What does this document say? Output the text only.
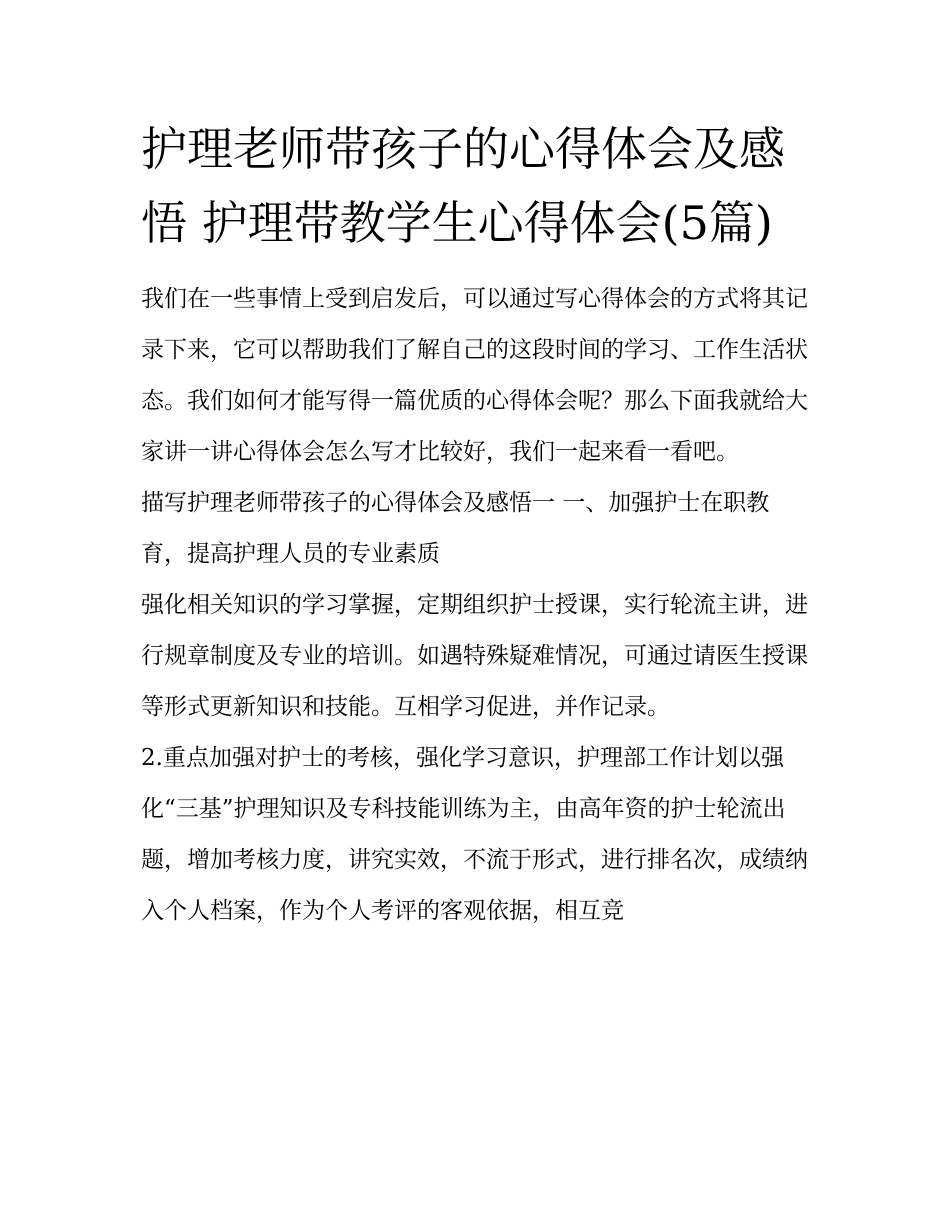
护理老师带孩子的心得体会及感悟 护理带教学生心得体会(5篇)

我们在一些事情上受到启发后，可以通过写心得体会的方式将其记录下来，它可以帮助我们了解自己的这段时间的学习、工作生活状态。我们如何才能写得一篇优质的心得体会呢？那么下面我就给大家讲一讲心得体会怎么写才比较好，我们一起来看一看吧。

描写护理老师带孩子的心得体会及感悟一 一、加强护士在职教育，提高护理人员的专业素质

强化相关知识的学习掌握，定期组织护士授课，实行轮流主讲，进行规章制度及专业的培训。如遇特殊疑难情况，可通过请医生授课等形式更新知识和技能。互相学习促进，并作记录。

2.重点加强对护士的考核，强化学习意识，护理部工作计划以强化“三基”护理知识及专科技能训练为主，由高年资的护士轮流出题，增加考核力度，讲究实效，不流于形式，进行排名次，成绩纳入个人档案，作为个人考评的客观依据，相互竞
